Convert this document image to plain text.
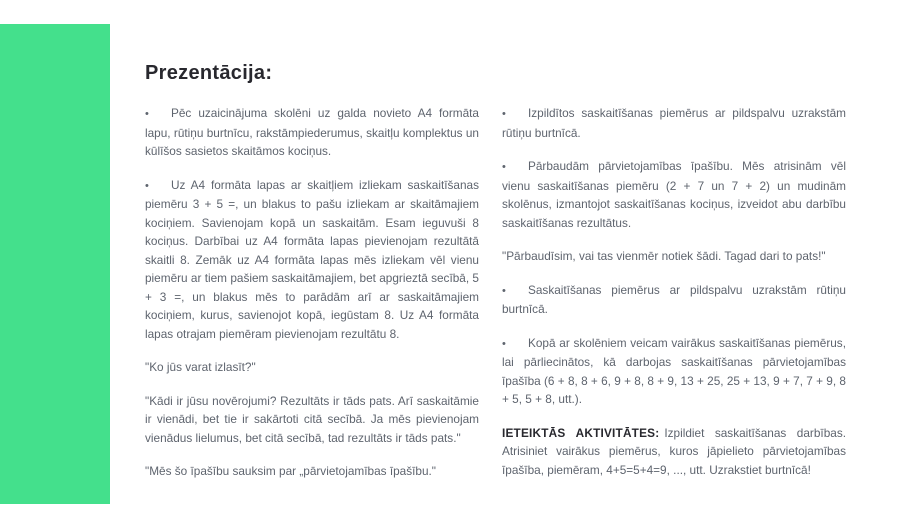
Prezentācija:

• Pēc uzaicinājuma skolēni uz galda novieto A4 formāta lapu, rūtiņu burtnīcu, rakstāmpiederumus, skaitļu komplektus un kūlīšos sasietos skaitāmos kociņus.

• Uz A4 formāta lapas ar skaitļiem izliekam saskaitīšanas piemēru 3 + 5 =, un blakus to pašu izliekam ar skaitāmajiem kociņiem. Savienojam kopā un saskaitām. Esam ieguvuši 8 kociņus. Darbībai uz A4 formāta lapas pievienojam rezultātā skaitli 8. Zemāk uz A4 formāta lapas mēs izliekam vēl vienu piemēru ar tiem pašiem saskaitāmajiem, bet apgrieztā secībā, 5 + 3 =, un blakus mēs to parādām arī ar saskaitāmajiem kociņiem, kurus, savienojot kopā, iegūstam 8. Uz A4 formāta lapas otrajam piemēram pievienojam rezultātu 8.

"Ko jūs varat izlasīt?"

"Kādi ir jūsu novērojumi? Rezultāts ir tāds pats. Arī saskaitāmie ir vienādi, bet tie ir sakārtoti citā secībā. Ja mēs pievienojam vienādus lielumus, bet citā secībā, tad rezultāts ir tāds pats."

"Mēs šo īpašību sauksim par „pārvietojamības īpašību."

• Izpildītos saskaitīšanas piemērus ar pildspalvu uzrakstām rūtiņu burtnīcā.

• Pārbaudām pārvietojamības īpašību. Mēs atrisinām vēl vienu saskaitīšanas piemēru (2 + 7 un 7 + 2) un mudinām skolēnus, izmantojot saskaitīšanas kociņus, izveidot abu darbību saskaitīšanas rezultātus.

"Pārbaudīsim, vai tas vienmēr notiek šādi. Tagad dari to pats!"

• Saskaitīšanas piemērus ar pildspalvu uzrakstām rūtiņu burtnīcā.

• Kopā ar skolēniem veicam vairākus saskaitīšanas piemērus, lai pārliecinātos, kā darbojas saskaitīšanas pārvietojamības īpašība (6 + 8, 8 + 6, 9 + 8, 8 + 9, 13 + 25, 25 + 13, 9 + 7, 7 + 9, 8 + 5, 5 + 8, utt.).

IETEIKTĀS AKTIVITĀTES: Izpildiet saskaitīšanas darbības. Atrisiniet vairākus piemērus, kuros jāpielieto pārvietojamības īpašība, piemēram, 4+5=5+4=9, ..., utt. Uzrakstiet burtnīcā!
